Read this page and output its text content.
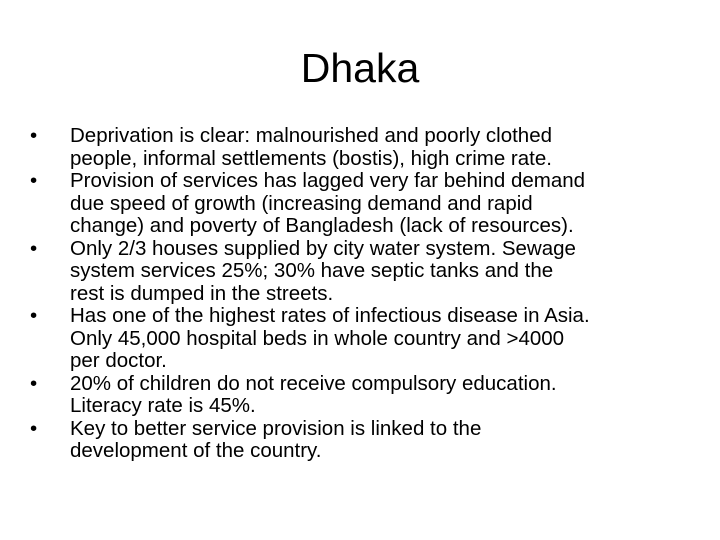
Dhaka
•	Deprivation is clear: malnourished and poorly clothed
people, informal settlements (bostis), high crime rate.
•	Provision of services has lagged very far behind demand
due speed of growth (increasing demand and rapid
change) and poverty of Bangladesh (lack of resources).
•	Only 2/3 houses supplied by city water system. Sewage
system services 25%; 30% have septic tanks and the
rest is dumped in the streets.
•	Has one of the highest rates of infectious disease in Asia.
Only 45,000 hospital beds in whole country and >4000
per doctor.
•	20% of children do not receive compulsory education.
Literacy rate is 45%.
•	Key to better service provision is linked to the
development of the country.
